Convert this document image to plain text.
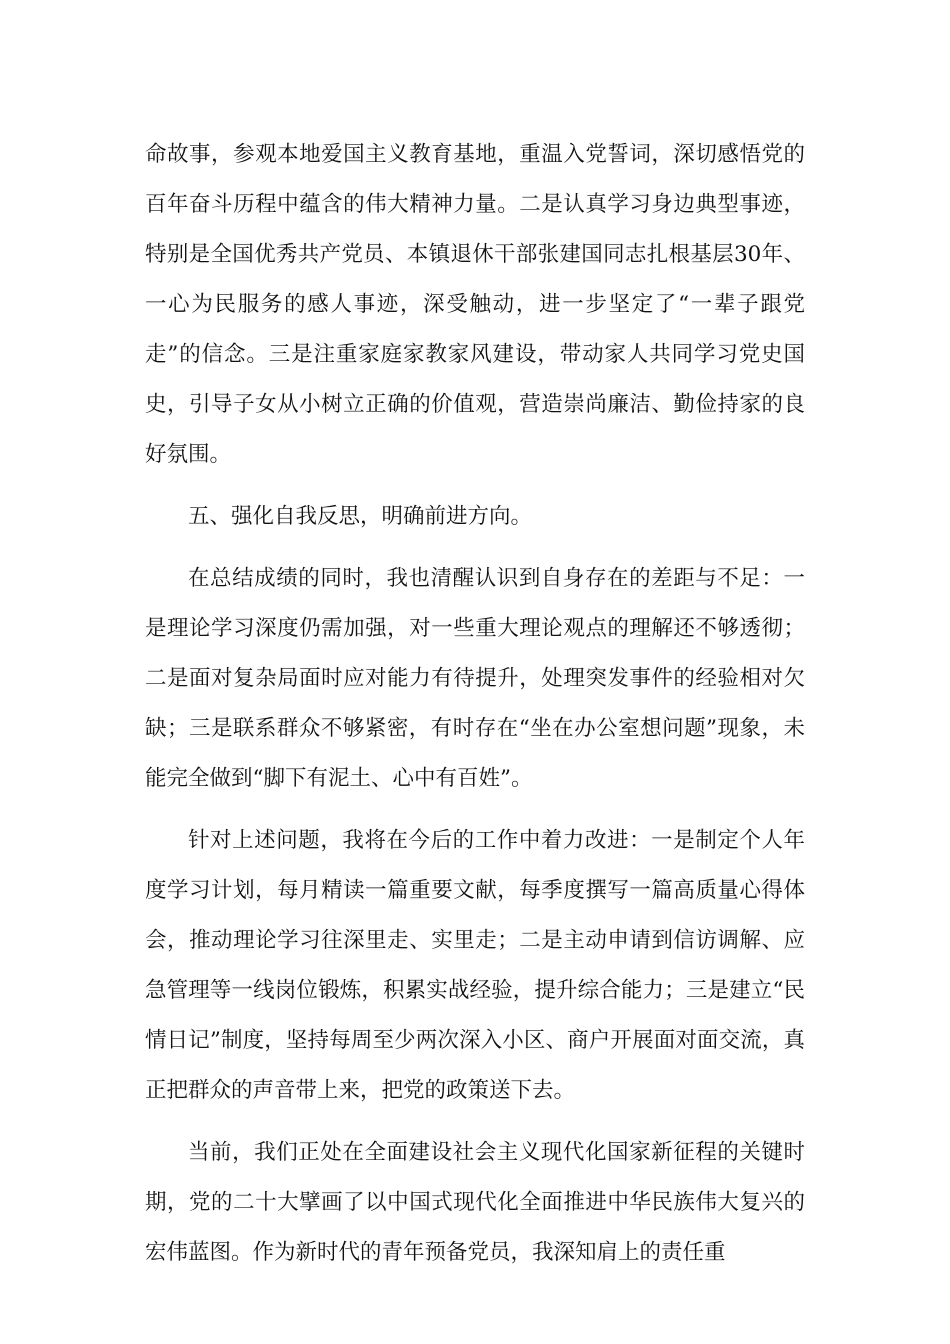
命故事，参观本地爱国主义教育基地，重温入党誓词，深切感悟党的百年奋斗历程中蕴含的伟大精神力量。二是认真学习身边典型事迹，特别是全国优秀共产党员、本镇退休干部张建国同志扎根基层30年、一心为民服务的感人事迹，深受触动，进一步坚定了“一辈子跟党走”的信念。三是注重家庭家教家风建设，带动家人共同学习党史国史，引导子女从小树立正确的价值观，营造崇尚廉洁、勤俭持家的良好氛围。

五、强化自我反思，明确前进方向。

在总结成绩的同时，我也清醒认识到自身存在的差距与不足：一是理论学习深度仍需加强，对一些重大理论观点的理解还不够透彻；二是面对复杂局面时应对能力有待提升，处理突发事件的经验相对欠缺；三是联系群众不够紧密，有时存在“坐在办公室想问题”现象，未能完全做到“脚下有泥土、心中有百姓”。

针对上述问题，我将在今后的工作中着力改进：一是制定个人年度学习计划，每月精读一篇重要文献，每季度撰写一篇高质量心得体会，推动理论学习往深里走、实里走；二是主动申请到信访调解、应急管理等一线岗位锻炼，积累实战经验，提升综合能力；三是建立“民情日记”制度，坚持每周至少两次深入小区、商户开展面对面交流，真正把群众的声音带上来，把党的政策送下去。

当前，我们正处在全面建设社会主义现代化国家新征程的关键时期，党的二十大擘画了以中国式现代化全面推进中华民族伟大复兴的宏伟蓝图。作为新时代的青年预备党员，我深知肩上的责任重
